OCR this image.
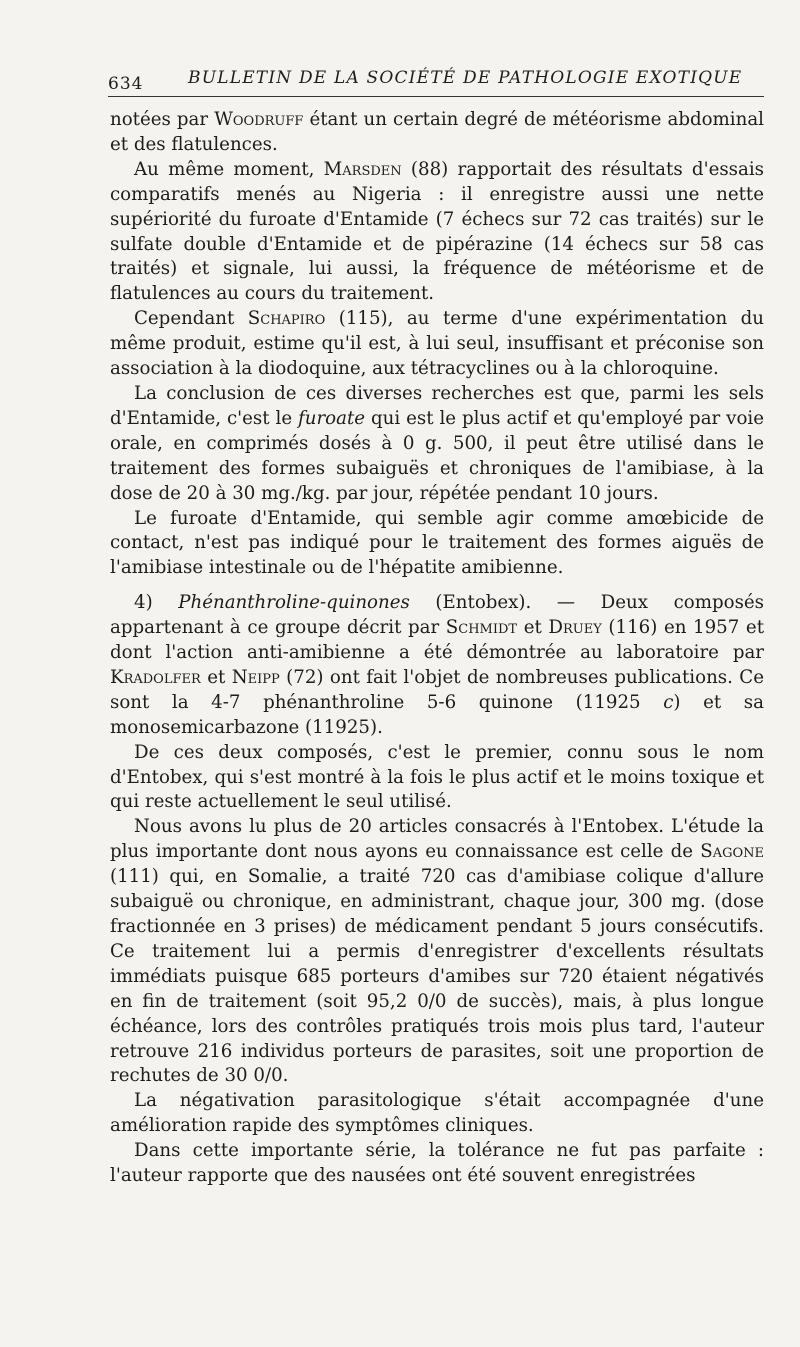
634	BULLETIN DE LA SOCIÉTÉ DE PATHOLOGIE EXOTIQUE

notées par Woodruff étant un certain degré de météorisme abdominal et des flatulences.

Au même moment, Marsden (88) rapportait des résultats d'essais comparatifs menés au Nigeria : il enregistre aussi une nette supériorité du furoate d'Entamide (7 échecs sur 72 cas traités) sur le sulfate double d'Entamide et de pipérazine (14 échecs sur 58 cas traités) et signale, lui aussi, la fréquence de météorisme et de flatulences au cours du traitement.

Cependant Schapiro (115), au terme d'une expérimentation du même produit, estime qu'il est, à lui seul, insuffisant et préconise son association à la diodoquine, aux tétracyclines ou à la chloroquine.

La conclusion de ces diverses recherches est que, parmi les sels d'Entamide, c'est le furoate qui est le plus actif et qu'employé par voie orale, en comprimés dosés à 0 g. 500, il peut être utilisé dans le traitement des formes subaiguës et chroniques de l'amibiase, à la dose de 20 à 30 mg./kg. par jour, répétée pendant 10 jours.

Le furoate d'Entamide, qui semble agir comme amœbicide de contact, n'est pas indiqué pour le traitement des formes aiguës de l'amibiase intestinale ou de l'hépatite amibienne.

4) Phénanthroline-quinones (Entobex). — Deux composés appartenant à ce groupe décrit par Schmidt et Druey (116) en 1957 et dont l'action anti-amibienne a été démontrée au laboratoire par Kradolfer et Neipp (72) ont fait l'objet de nombreuses publications. Ce sont la 4-7 phénanthroline 5-6 quinone (11925 c) et sa monosemicarbazone (11925).

De ces deux composés, c'est le premier, connu sous le nom d'Entobex, qui s'est montré à la fois le plus actif et le moins toxique et qui reste actuellement le seul utilisé.

Nous avons lu plus de 20 articles consacrés à l'Entobex. L'étude la plus importante dont nous ayons eu connaissance est celle de Sagone (111) qui, en Somalie, a traité 720 cas d'amibiase colique d'allure subaiguë ou chronique, en administrant, chaque jour, 300 mg. (dose fractionnée en 3 prises) de médicament pendant 5 jours consécutifs. Ce traitement lui a permis d'enregistrer d'excellents résultats immédiats puisque 685 porteurs d'amibes sur 720 étaient négativés en fin de traitement (soit 95,2 0/0 de succès), mais, à plus longue échéance, lors des contrôles pratiqués trois mois plus tard, l'auteur retrouve 216 individus porteurs de parasites, soit une proportion de rechutes de 30 0/0.

La négativation parasitologique s'était accompagnée d'une amélioration rapide des symptômes cliniques.

Dans cette importante série, la tolérance ne fut pas parfaite : l'auteur rapporte que des nausées ont été souvent enregistrées
